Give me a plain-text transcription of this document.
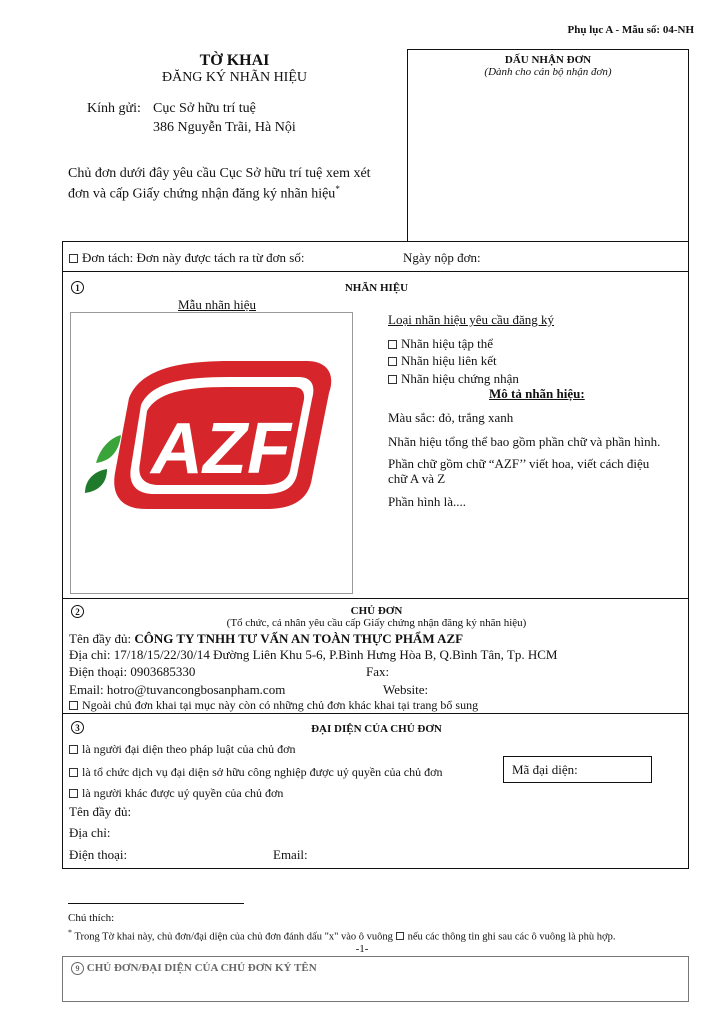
Phụ lục A - Mẫu số: 04-NH
TỜ KHAI
ĐĂNG KÝ NHÃN HIỆU
Kính gửi: Cục Sở hữu trí tuệ
386 Nguyễn Trãi, Hà Nội
Chủ đơn dưới đây yêu cầu Cục Sở hữu trí tuệ xem xét
đơn và cấp Giấy chứng nhận đăng ký nhãn hiệu*
DẤU NHẬN ĐƠN
(Dành cho cán bộ nhận đơn)
Đơn tách: Đơn này được tách ra từ đơn số:	Ngày nộp đơn:
1	NHÃN HIỆU
Mẫu nhãn hiệu
AZF
Loại nhãn hiệu yêu cầu đăng ký
Nhãn hiệu tập thể
Nhãn hiệu liên kết
Nhãn hiệu chứng nhận
Mô tả nhãn hiệu:
Màu sắc: đỏ, trắng xanh
Nhãn hiệu tổng thể bao gồm phần chữ và phần hình.
Phần chữ gồm chữ “AZF’’ viết hoa, viết cách điệu
chữ A và Z
Phần hình là....
2	CHỦ ĐƠN
(Tổ chức, cá nhân yêu cầu cấp Giấy chứng nhận đăng ký nhãn hiệu)
Tên đầy đủ: CÔNG TY TNHH TƯ VẤN AN TOÀN THỰC PHẨM AZF
Địa chỉ: 17/18/15/22/30/14 Đường Liên Khu 5-6, P.Bình Hưng Hòa B, Q.Bình Tân, Tp. HCM
Điện thoại: 0903685330	Fax:
Email: hotro@tuvancongbosanpham.com	Website:
Ngoài chủ đơn khai tại mục này còn có những chủ đơn khác khai tại trang bổ sung
3	ĐẠI DIỆN CỦA CHỦ ĐƠN
là người đại diện theo pháp luật của chủ đơn
là tổ chức dịch vụ đại diện sở hữu công nghiệp được uỷ quyền của chủ đơn
là người khác được uỷ quyền của chủ đơn
Mã đại diện:
Tên đầy đủ:
Địa chỉ:
Điện thoại:	Email:
Chú thích:
* Trong Tờ khai này, chủ đơn/đại diện của chủ đơn đánh dấu "x" vào ô vuông nếu các thông tin ghi sau các ô vuông là phù hợp.
-1-
9 CHỦ ĐƠN/ĐẠI DIỆN CỦA CHỦ ĐƠN KÝ TÊN
